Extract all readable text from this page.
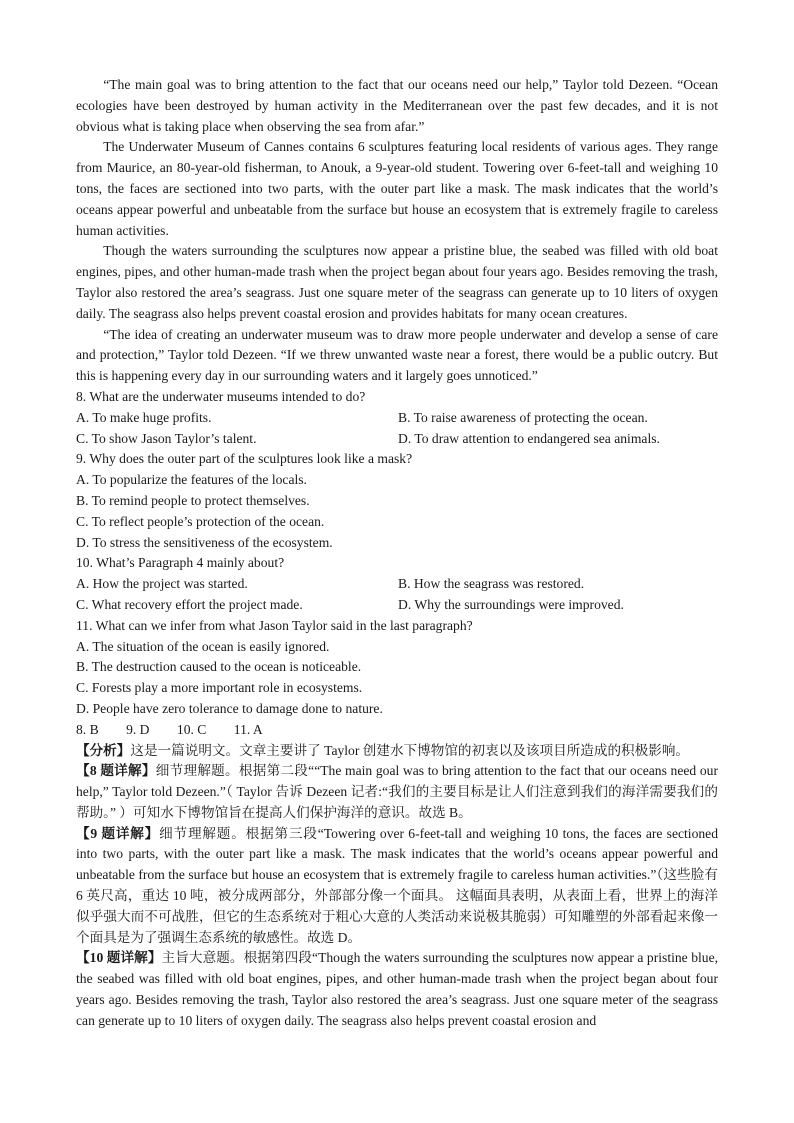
“The main goal was to bring attention to the fact that our oceans need our help,” Taylor told Dezeen. “Ocean ecologies have been destroyed by human activity in the Mediterranean over the past few decades, and it is not obvious what is taking place when observing the sea from afar.”

The Underwater Museum of Cannes contains 6 sculptures featuring local residents of various ages. They range from Maurice, an 80-year-old fisherman, to Anouk, a 9-year-old student. Towering over 6-feet-tall and weighing 10 tons, the faces are sectioned into two parts, with the outer part like a mask. The mask indicates that the world’s oceans appear powerful and unbeatable from the surface but house an ecosystem that is extremely fragile to careless human activities.

Though the waters surrounding the sculptures now appear a pristine blue, the seabed was filled with old boat engines, pipes, and other human-made trash when the project began about four years ago. Besides removing the trash, Taylor also restored the area’s seagrass. Just one square meter of the seagrass can generate up to 10 liters of oxygen daily. The seagrass also helps prevent coastal erosion and provides habitats for many ocean creatures.

“The idea of creating an underwater museum was to draw more people underwater and develop a sense of care and protection,” Taylor told Dezeen. “If we threw unwanted waste near a forest, there would be a public outcry. But this is happening every day in our surrounding waters and it largely goes unnoticed.”

8. What are the underwater museums intended to do?

A. To make huge profits.	B. To raise awareness of protecting the ocean.
C. To show Jason Taylor’s talent.	D. To draw attention to endangered sea animals.

9. Why does the outer part of the sculptures look like a mask?

A. To popularize the features of the locals.

B. To remind people to protect themselves.

C. To reflect people’s protection of the ocean.

D. To stress the sensitiveness of the ecosystem.

10. What’s Paragraph 4 mainly about?

A. How the project was started.	B. How the seagrass was restored.
C. What recovery effort the project made.	D. Why the surroundings were improved.

11. What can we infer from what Jason Taylor said in the last paragraph?

A. The situation of the ocean is easily ignored.

B. The destruction caused to the ocean is noticeable.

C. Forests play a more important role in ecosystems.

D. People have zero tolerance to damage done to nature.

8. B 9. D 10. C 11. A

【分析】这是一篇说明文。文章主要讲了 Taylor 创建水下博物馆的初衷以及该项目所造成的积极影响。

【8 题详解】细节理解题。根据第二段““The main goal was to bring attention to the fact that our oceans need our help,” Taylor told Dezeen.”（ Taylor 告诉 Dezeen 记者:“我们的主要目标是让人们注意到我们的海洋需要我们的帮助。” ）可知水下博物馆旨在提高人们保护海洋的意识。故选 B。

【9 题详解】细节理解题。根据第三段“Towering over 6-feet-tall and weighing 10 tons, the faces are sectioned into two parts, with the outer part like a mask. The mask indicates that the world’s oceans appear powerful and unbeatable from the surface but house an ecosystem that is extremely fragile to careless human activities.”（这些脸有 6 英尺高，重达 10 吨，被分成两部分，外部部分像一个面具。 这幅面具表明，从表面上看，世界上的海洋似乎强大而不可战胜，但它的生态系统对于粗心大意的人类活动来说极其脆弱）可知雕塑的外部看起来像一个面具是为了强调生态系统的敏感性。故选 D。

【10 题详解】主旨大意题。根据第四段“Though the waters surrounding the sculptures now appear a pristine blue, the seabed was filled with old boat engines, pipes, and other human-made trash when the project began about four years ago. Besides removing the trash, Taylor also restored the area’s seagrass. Just one square meter of the seagrass can generate up to 10 liters of oxygen daily. The seagrass also helps prevent coastal erosion and
